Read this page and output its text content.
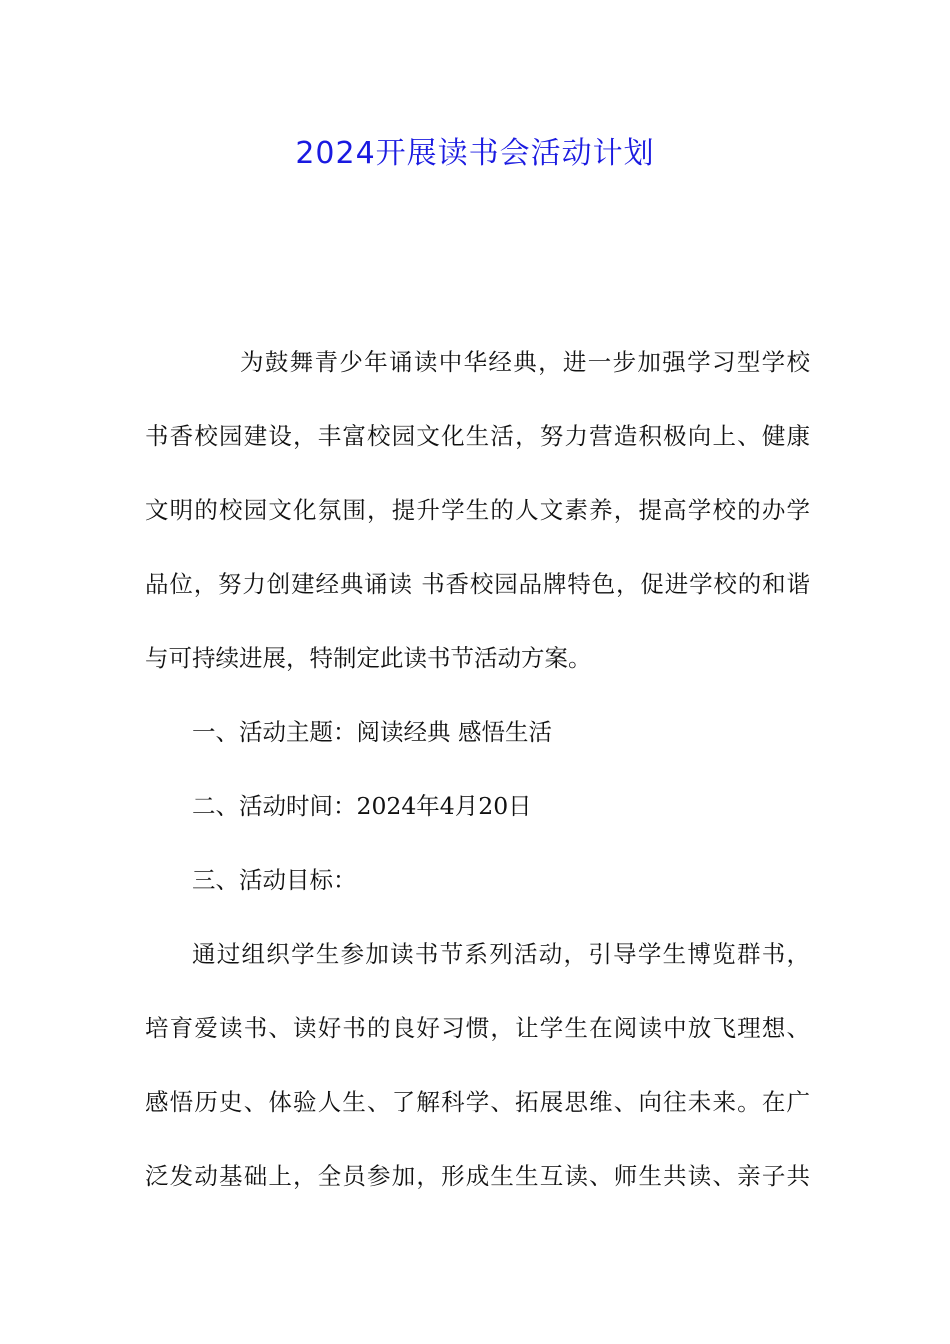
2024开展读书会活动计划

为鼓舞青少年诵读中华经典，进一步加强学习型学校

书香校园建设，丰富校园文化生活，努力营造积极向上、健康

文明的校园文化氛围，提升学生的人文素养，提高学校的办学

品位，努力创建经典诵读 书香校园品牌特色，促进学校的和谐

与可持续进展，特制定此读书节活动方案。

一、活动主题：阅读经典 感悟生活

二、活动时间：2024年4月20日

三、活动目标：

通过组织学生参加读书节系列活动，引导学生博览群书，

培育爱读书、读好书的良好习惯，让学生在阅读中放飞理想、

感悟历史、体验人生、了解科学、拓展思维、向往未来。在广

泛发动基础上，全员参加，形成生生互读、师生共读、亲子共
